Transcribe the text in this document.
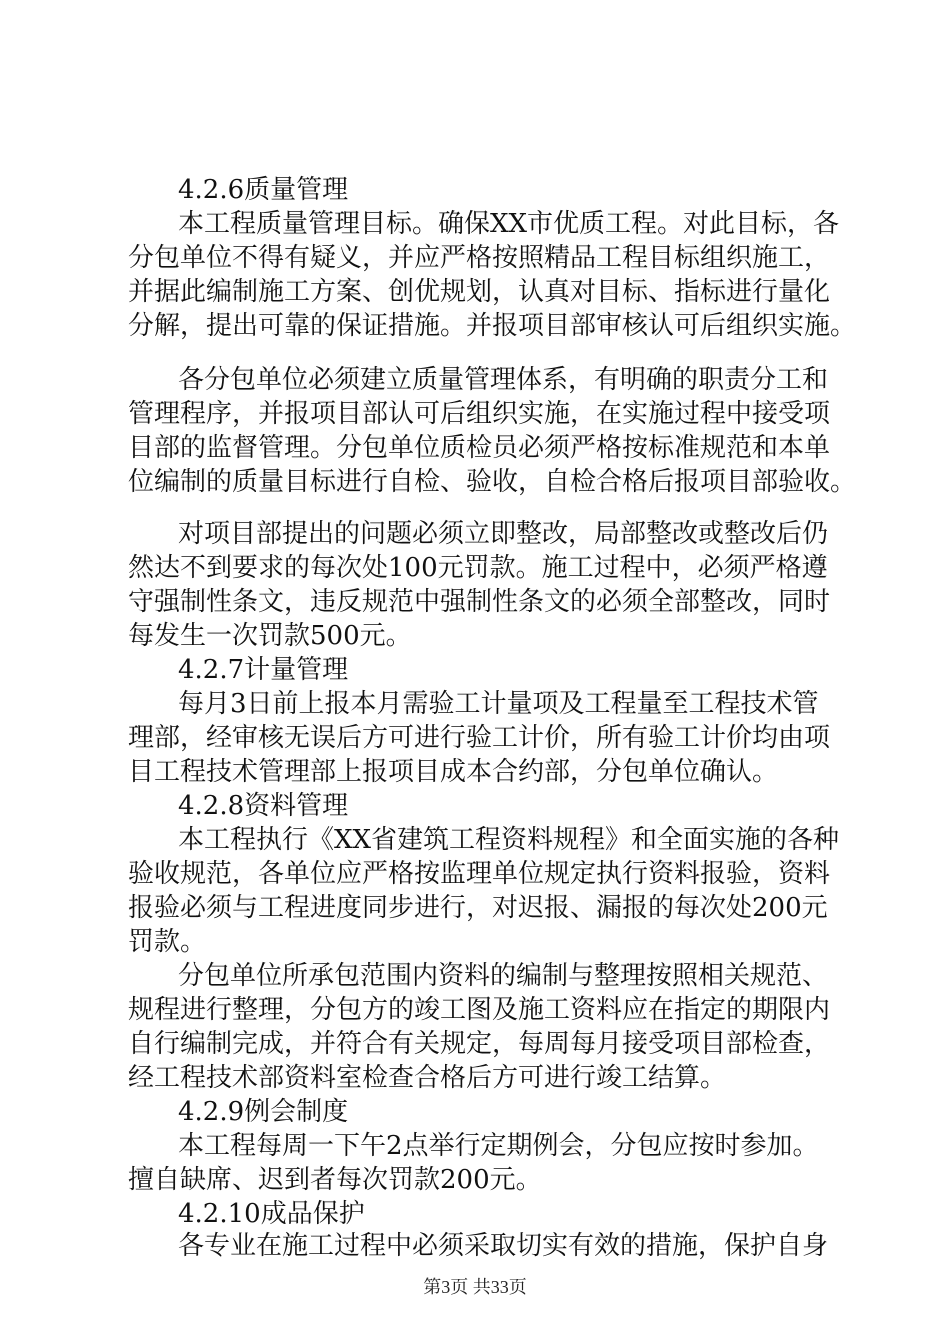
4.2.6质量管理
本工程质量管理目标。确保XX市优质工程。对此目标，各
分包单位不得有疑义，并应严格按照精品工程目标组织施工，
并据此编制施工方案、创优规划，认真对目标、指标进行量化
分解，提出可靠的保证措施。并报项目部审核认可后组织实施。
各分包单位必须建立质量管理体系，有明确的职责分工和
管理程序，并报项目部认可后组织实施，在实施过程中接受项
目部的监督管理。分包单位质检员必须严格按标准规范和本单
位编制的质量目标进行自检、验收，自检合格后报项目部验收。
对项目部提出的问题必须立即整改，局部整改或整改后仍
然达不到要求的每次处100元罚款。施工过程中，必须严格遵
守强制性条文，违反规范中强制性条文的必须全部整改，同时
每发生一次罚款500元。
4.2.7计量管理
每月3日前上报本月需验工计量项及工程量至工程技术管
理部，经审核无误后方可进行验工计价，所有验工计价均由项
目工程技术管理部上报项目成本合约部，分包单位确认。
4.2.8资料管理
本工程执行《XX省建筑工程资料规程》和全面实施的各种
验收规范，各单位应严格按监理单位规定执行资料报验，资料
报验必须与工程进度同步进行，对迟报、漏报的每次处200元
罚款。
分包单位所承包范围内资料的编制与整理按照相关规范、
规程进行整理，分包方的竣工图及施工资料应在指定的期限内
自行编制完成，并符合有关规定，每周每月接受项目部检查，
经工程技术部资料室检查合格后方可进行竣工结算。
4.2.9例会制度
本工程每周一下午2点举行定期例会，分包应按时参加。
擅自缺席、迟到者每次罚款200元。
4.2.10成品保护
各专业在施工过程中必须采取切实有效的措施，保护自身
第3页 共33页
